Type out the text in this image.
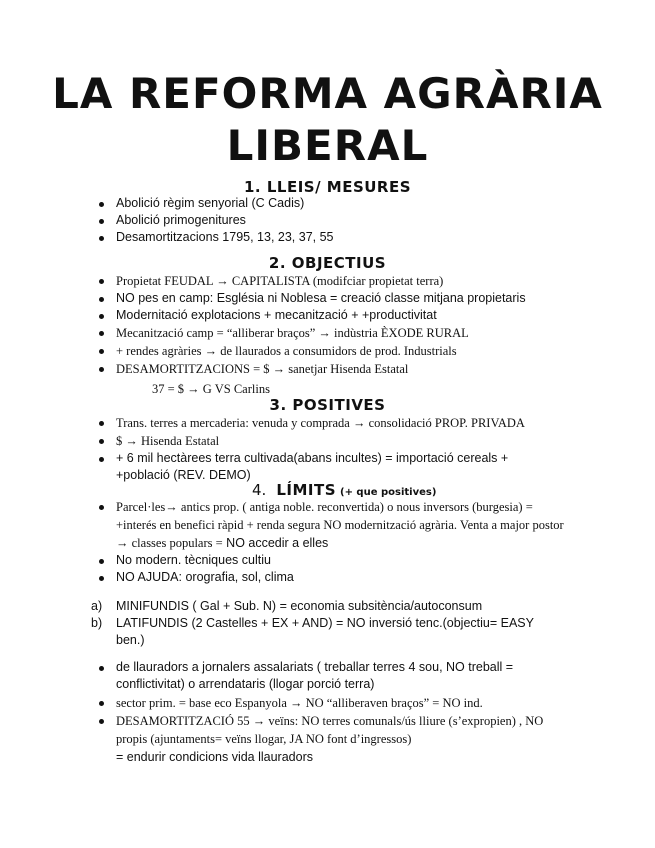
LA REFORMA AGRÀRIA
LIBERAL
1. LLEIS/ MESURES
Abolició règim senyorial (C Cadis)
Abolició primogenitures
Desamortitzacions 1795, 13, 23, 37, 55
2. OBJECTIUS
Propietat FEUDAL → CAPITALISTA (modifciar propietat terra)
NO pes en camp: Església ni Noblesa = creació classe mitjana propietaris
Modernitació explotacions + mecanització + +productivitat
Mecanització camp = “alliberar braços” → indùstria ÈXODE RURAL
+ rendes agràries → de llaurados a consumidors de prod. Industrials
DESAMORTITZACIONS = $ → sanetjar Hisenda Estatal
37 = $ → G VS Carlins
3. POSITIVES
Trans. terres a mercaderia: venuda y comprada → consolidació PROP. PRIVADA
$ → Hisenda Estatal
+ 6 mil hectàrees terra cultivada(abans incultes) = importació cereals + +població (REV. DEMO)
4. LÍMITS (+ que positives)
Parcel·les→ antics prop. ( antiga noble. reconvertida) o nous inversors (burgesia) = +interés en benefici ràpid + renda segura NO modernització agrària. Venta a major postor → classes populars = NO accedir a elles
No modern. tècniques cultiu
NO AJUDA: orografia, sol, clima
a) MINIFUNDIS ( Gal + Sub. N) = economia subsitència/autoconsum
b) LATIFUNDIS (2 Castelles + EX + AND) = NO inversió tenc.(objectiu= EASY ben.)
de llauradors a jornalers assalariats ( treballar terres 4 sou, NO treball = conflictivitat) o arrendataris (llogar porció terra)
sector prim. = base eco Espanyola → NO “alliberaven braços” = NO ind.
DESAMORTITZACIÓ 55 → veïns: NO terres comunals/ús lliure (s’expropien) , NO propis (ajuntaments= veïns llogar, JA NO font d’ingressos)
= endurir condicions vida llauradors
